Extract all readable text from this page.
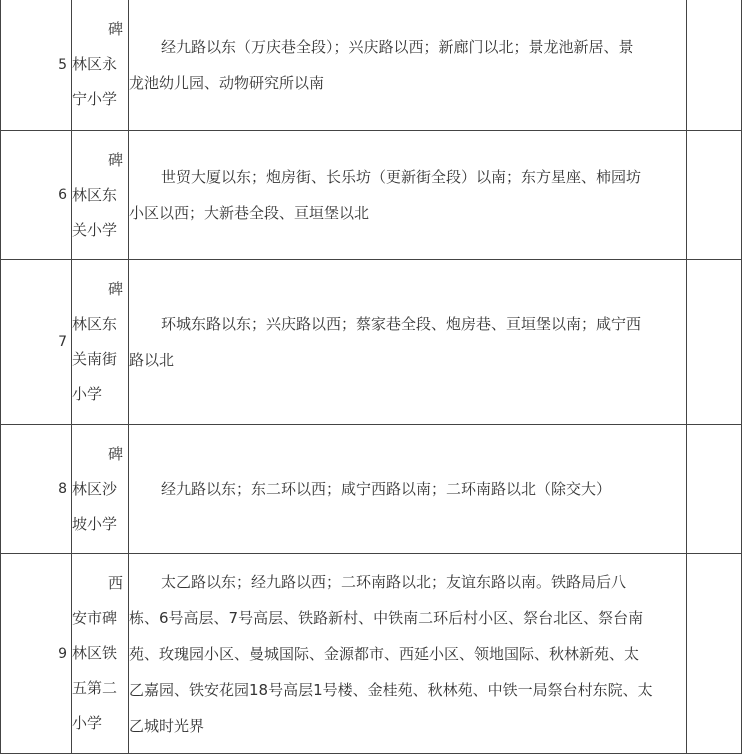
5	碑
林区永
宁小学	经九路以东（万庆巷全段）；兴庆路以西；新廊门以北；景龙池新居、景
龙池幼儿园、动物研究所以南	

6	碑
林区东
关小学	世贸大厦以东；炮房街、长乐坊（更新街全段）以南；东方星座、柿园坊
小区以西；大新巷全段、亘垣堡以北	

7	碑
林区东
关南街
小学	环城东路以东；兴庆路以西；蔡家巷全段、炮房巷、亘垣堡以南；咸宁西
路以北	

8	碑
林区沙
坡小学	经九路以东；东二环以西；咸宁西路以南；二环南路以北（除交大）	

9	西
安市碑
林区铁
五第二
小学	太乙路以东；经九路以西；二环南路以北；友谊东路以南。铁路局后八
栋、6号高层、7号高层、铁路新村、中铁南二环后村小区、祭台北区、祭台南
苑、玫瑰园小区、曼城国际、金源都市、西延小区、领地国际、秋林新苑、太
乙嘉园、铁安花园18号高层1号楼、金桂苑、秋林苑、中铁一局祭台村东院、太
乙城时光界	
